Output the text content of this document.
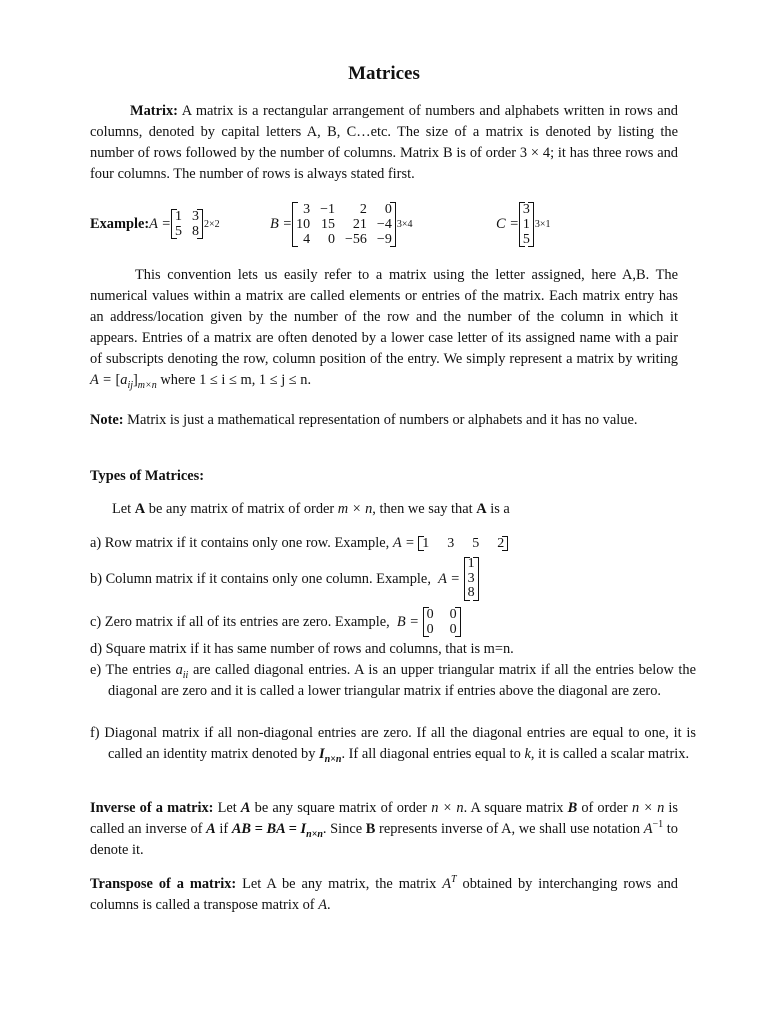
Matrices
Matrix: A matrix is a rectangular arrangement of numbers and alphabets written in rows and columns, denoted by capital letters A, B, C…etc. The size of a matrix is denoted by listing the number of rows followed by the number of columns. Matrix B is of order 3 × 4; it has three rows and four columns. The number of rows is always stated first.
Example: A = 1 3
5 8 2×2	B =
3 −1	2	0
10 15	21 −4
4	0 −56 −9
3×4	C =
3
1
5
3×1
This convention lets us easily refer to a matrix using the letter assigned, here A,B. The numerical values within a matrix are called elements or entries of the matrix. Each matrix entry has an address/location given by the number of the row and the number of the column in which it appears. Entries of a matrix are often denoted by a lower case letter of its assigned name with a pair of subscripts denoting the row, column position of the entry. We simply represent a matrix by writing $A = [a_{ij}]_{m\times n}$ where 1 ≤ i ≤ m, 1 ≤ j ≤ n.
Note: Matrix is just a mathematical representation of numbers or alphabets and it has no value.
Types of Matrices:
Let A be any matrix of matrix of order m × n, then we say that A is a
a) Row matrix if it contains only one row. Example, A = 1 3 5 2
b) Column matrix if it contains only one column. Example, A =
1
3
8
c) Zero matrix if all of its entries are zero. Example, B = 0 0
0 0
d) Square matrix if it has same number of rows and columns, that is m=n.
e) The entries $a_{ii}$ are called diagonal entries. A is an upper triangular matrix if all the entries below the diagonal are zero and it is called a lower triangular matrix if entries above the diagonal are zero.
f) Diagonal matrix if all non-diagonal entries are zero. If all the diagonal entries are equal to one, it is called an identity matrix denoted by $I_{n\times n}$. If all diagonal entries equal to k, it is called a scalar matrix.
Inverse of a matrix: Let A be any square matrix of order n × n. A square matrix B of order n × n is called an inverse of A if AB = BA = $I_{n\times n}$. Since B represents inverse of A, we shall use notation $A^{-1}$ to denote it.
Transpose of a matrix: Let A be any matrix, the matrix $A^T$ obtained by interchanging rows and columns is called a transpose matrix of A.
